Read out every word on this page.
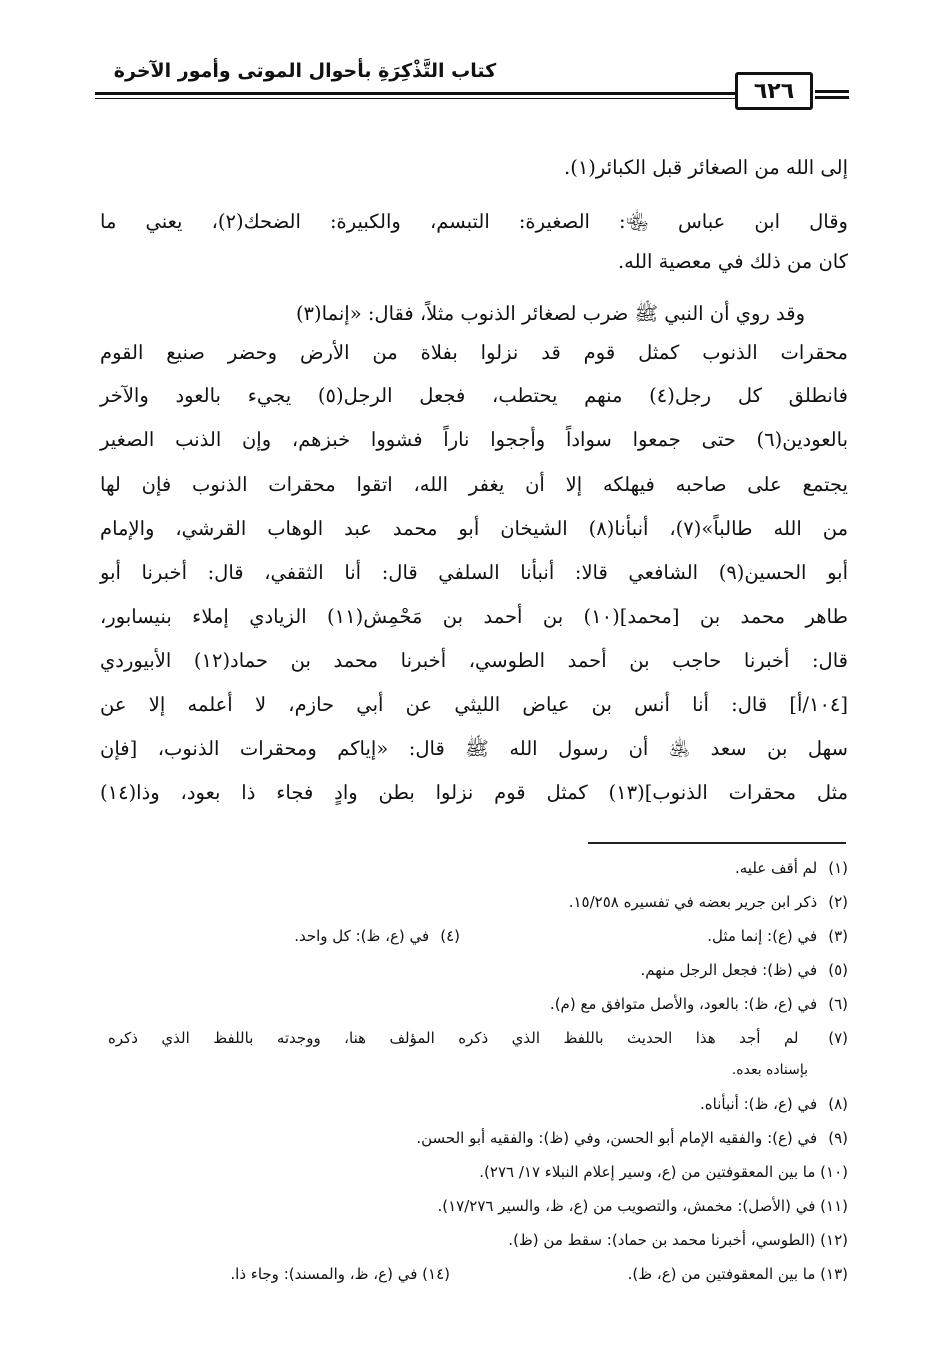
كتاب التَّذْكِرَةِ بأحوال الموتى وأمور الآخرة
٦٢٦
إلى الله من الصغائر قبل الكبائر(١).
وقال ابن عباس ﵄: الصغيرة: التبسم، والكبيرة: الضحك(٢)، يعني ما
كان من ذلك في معصية الله.
وقد روي أن النبي ﷺ ضرب لصغائر الذنوب مثلاً، فقال: «إنما(٣)
محقرات الذنوب كمثل قوم قد نزلوا بفلاة من الأرض وحضر صنيع القوم
فانطلق كل رجل(٤) منهم يحتطب، فجعل الرجل(٥) يجيء بالعود والآخر
بالعودين(٦) حتى جمعوا سواداً وأججوا ناراً فشووا خبزهم، وإن الذنب الصغير
يجتمع على صاحبه فيهلكه إلا أن يغفر الله، اتقوا محقرات الذنوب فإن لها
من الله طالباً»(٧)، أنبأنا(٨) الشيخان أبو محمد عبد الوهاب القرشي، والإمام
أبو الحسين(٩) الشافعي قالا: أنبأنا السلفي قال: أنا الثقفي، قال: أخبرنا أبو
طاهر محمد بن [محمد](١٠) بن أحمد بن مَحْمِش(١١) الزيادي إملاء بنيسابور،
قال: أخبرنا حاجب بن أحمد الطوسي، أخبرنا محمد بن حماد(١٢) الأبيوردي
[١٠٤/أ] قال: أنا أنس بن عياض الليثي عن أبي حازم، لا أعلمه إلا عن
سهل بن سعد ﵁ أن رسول الله ﷺ قال: «إياكم ومحقرات الذنوب، [فإن
مثل محقرات الذنوب](١٣) كمثل قوم نزلوا بطن وادٍ فجاء ذا بعود، وذا(١٤)
(١) لم أقف عليه.
(٢) ذكر ابن جرير بعضه في تفسيره ١٥/٢٥٨.
(٣) في (ع): إنما مثل.
(٤) في (ع، ظ): كل واحد.
(٥) في (ظ): فجعل الرجل منهم.
(٦) في (ع، ظ): بالعود، والأصل متوافق مع (م).
(٧) لم أجد هذا الحديث باللفظ الذي ذكره المؤلف هنا، ووجدته باللفظ الذي ذكره
بإسناده بعده.
(٨) في (ع، ظ): أنبأناه.
(٩) في (ع): والفقيه الإمام أبو الحسن، وفي (ظ): والفقيه أبو الحسن.
(١٠) ما بين المعقوفتين من (ع، وسير إعلام النبلاء ١٧/ ٢٧٦).
(١١) في (الأصل): مخمش، والتصويب من (ع، ظ، والسير ١٧/٢٧٦).
(١٢) (الطوسي، أخبرنا محمد بن حماد): سقط من (ظ).
(١٣) ما بين المعقوفتين من (ع، ظ).
(١٤) في (ع، ظ، والمسند): وجاء ذا.
